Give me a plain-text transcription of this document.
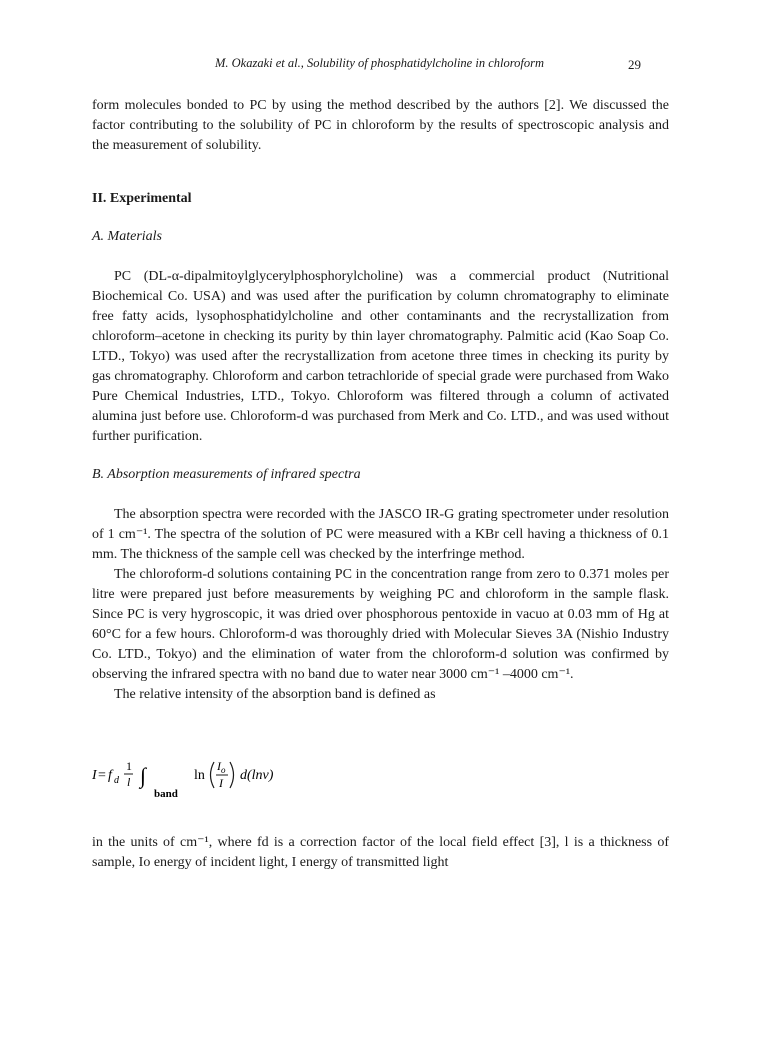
M. Okazaki et al., Solubility of phosphatidylcholine in chloroform	29

form molecules bonded to PC by using the method described by the authors [2]. We discussed the factor contributing to the solubility of PC in chloroform by the results of spectroscopic analysis and the measurement of solubility.

II. Experimental

A. Materials

PC (DL-α-dipalmitoylglycerylphosphorylcholine) was a commercial product (Nutritional Biochemical Co. USA) and was used after the purification by column chromatography to eliminate free fatty acids, lysophosphatidylcholine and other contaminants and the recrystallization from chloroform–acetone in checking its purity by thin layer chromatography. Palmitic acid (Kao Soap Co. LTD., Tokyo) was used after the recrystallization from acetone three times in checking its purity by gas chromatography. Chloroform and carbon tetrachloride of special grade were purchased from Wako Pure Chemical Industries, LTD., Tokyo. Chloroform was filtered through a column of activated alumina just before use. Chloroform-d was purchased from Merk and Co. LTD., and was used without further purification.

B. Absorption measurements of infrared spectra

The absorption spectra were recorded with the JASCO IR-G grating spectrometer under resolution of 1 cm⁻¹. The spectra of the solution of PC were measured with a KBr cell having a thickness of 0.1 mm. The thickness of the sample cell was checked by the interfringe method.

The chloroform-d solutions containing PC in the concentration range from zero to 0.371 moles per litre were prepared just before measurements by weighing PC and chloroform in the sample flask. Since PC is very hygroscopic, it was dried over phosphorous pentoxide in vacuo at 0.03 mm of Hg at 60°C for a few hours. Chloroform-d was thoroughly dried with Molecular Sieves 3A (Nishio Industry Co. LTD., Tokyo) and the elimination of water from the chloroform-d solution was confirmed by observing the infrared spectra with no band due to water near 3000 cm⁻¹ –4000 cm⁻¹.

The relative intensity of the absorption band is defined as

I = f d
1
l ∫
band
ln
I o
I d(lnv)

in the units of cm⁻¹, where fd is a correction factor of the local field effect [3], l is a thickness of sample, Io energy of incident light, I energy of transmitted light
